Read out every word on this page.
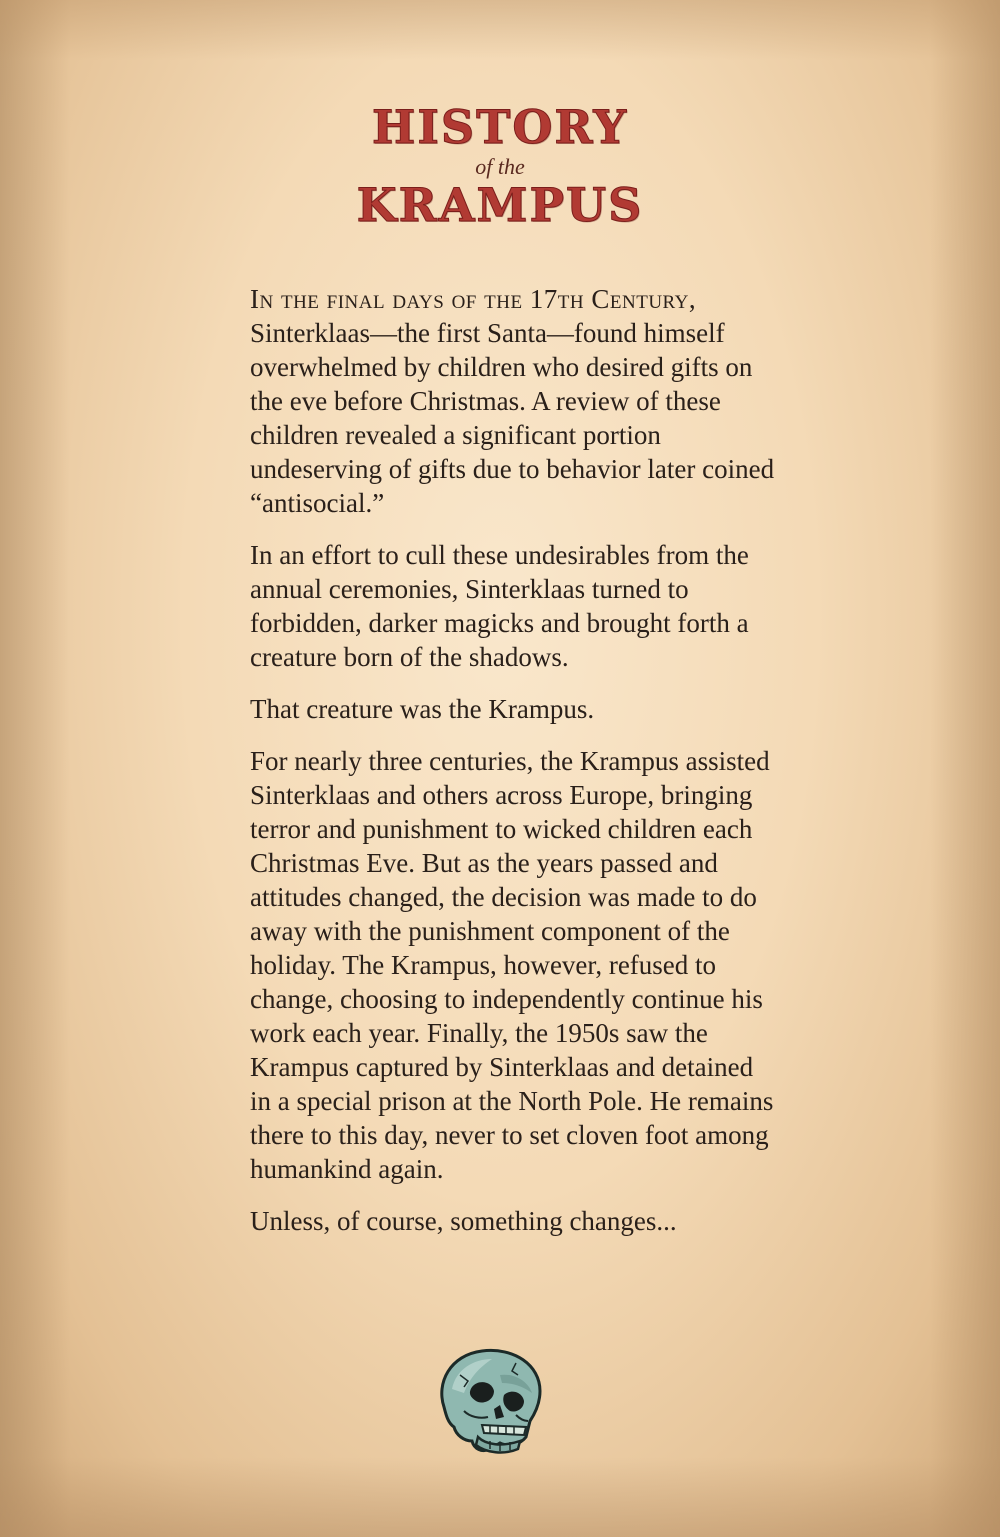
HISTORY
of the
KRAMPUS

In the final days of the 17th Century, Sinterklaas—the first Santa—found himself overwhelmed by children who desired gifts on the eve before Christmas. A review of these children revealed a significant portion undeserving of gifts due to behavior later coined “antisocial.”

In an effort to cull these undesirables from the annual ceremonies, Sinterklaas turned to forbidden, darker magicks and brought forth a creature born of the shadows.

That creature was the Krampus.

For nearly three centuries, the Krampus assisted Sinterklaas and others across Europe, bringing terror and punishment to wicked children each Christmas Eve. But as the years passed and attitudes changed, the decision was made to do away with the punishment component of the holiday. The Krampus, however, refused to change, choosing to independently continue his work each year. Finally, the 1950s saw the Krampus captured by Sinterklaas and detained in a special prison at the North Pole. He remains there to this day, never to set cloven foot among humankind again.

Unless, of course, something changes...
